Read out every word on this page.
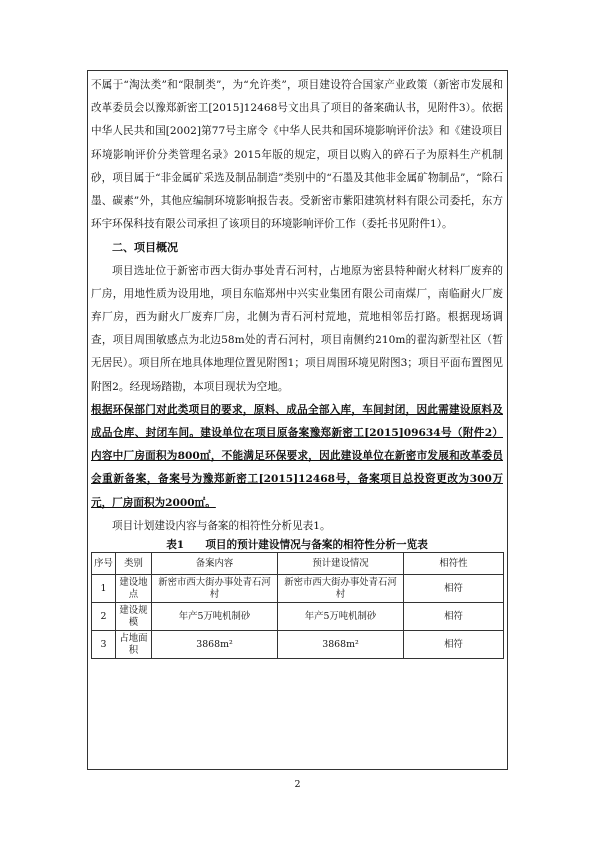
不属于“淘汰类”和“限制类”，为“允许类”，项目建设符合国家产业政策（新密市发展和改革委员会以豫郑新密工[2015]12468号文出具了项目的备案确认书，见附件3）。依据中华人民共和国[2002]第77号主席令《中华人民共和国环境影响评价法》和《建设项目环境影响评价分类管理名录》2015年版的规定，项目以购入的碎石子为原料生产机制砂，项目属于“非金属矿采选及制品制造”类别中的“石墨及其他非金属矿物制品”，“除石墨、碳素”外，其他应编制环境影响报告表。受新密市紫阳建筑材料有限公司委托，东方环宇环保科技有限公司承担了该项目的环境影响评价工作（委托书见附件1）。

二、项目概况

项目选址位于新密市西大街办事处青石河村，占地原为密县特种耐火材料厂废弃的厂房，用地性质为设用地，项目东临郑州中兴实业集团有限公司南煤厂，南临耐火厂废弃厂房，西为耐火厂废弃厂房，北侧为青石河村荒地，荒地相邻岳打路。根据现场调查，项目周围敏感点为北边58m处的青石河村，项目南侧约210m的翟沟新型社区（暂无居民）。项目所在地具体地理位置见附图1；项目周围环境见附图3；项目平面布置图见附图2。经现场踏勘，本项目现状为空地。

根据环保部门对此类项目的要求，原料、成品全部入库，车间封闭，因此需建设原料及成品仓库、封闭车间。建设单位在项目原备案豫郑新密工[2015]09634号（附件2）内容中厂房面积为800㎡，不能满足环保要求，因此建设单位在新密市发展和改革委员会重新备案，备案号为豫郑新密工[2015]12468号，备案项目总投资更改为300万元，厂房面积为2000㎡。

项目计划建设内容与备案的相符性分析见表1。

表1　　项目的预计建设情况与备案的相符性分析一览表

序号	类别	备案内容	预计建设情况	相符性
1	建设地点	新密市西大街办事处青石河村	新密市西大街办事处青石河村	相符
2	建设规模	年产5万吨机制砂	年产5万吨机制砂	相符
3	占地面积	3868m²	3868m²	相符
2
